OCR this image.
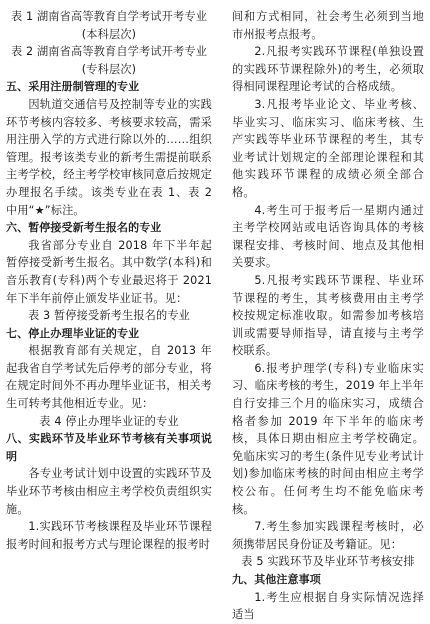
表 1 湖南省高等教育自学考试开考专业(本科层次)

表 2 湖南省高等教育自学考试开考专业(专科层次)

五、采用注册制管理的专业

因轨道交通信号及控制等专业的实践环节考核内容较多、考核要求较高，需采用注册入学的方式进行除以外的……组织管理。报考该类专业的新考生需提前联系主考学校，经主考学校审核同意后按规定办理报名手续。该类专业在表 1、表 2 中用“★”标注。

六、暂停接受新考生报名的专业

我省部分专业自 2018 年下半年起暂停接受新考生报名。其中数学(本科)和音乐教育(专科)两个专业最迟将于 2021 年下半年前停止颁发毕业证书。见：

表 3 暂停接受新考生报名的专业

七、停止办理毕业证的专业

根据教育部有关规定，自 2013 年起我省自学考试先后停考的部分专业，将在规定时间外不再办理毕业证书，相关考生可转考其他相近专业。见：

表 4 停止办理毕业证的专业

八、实践环节及毕业环节考核有关事项说明

各专业考试计划中设置的实践环节及毕业环节考核由相应主考学校负责组织实施。

1.实践环节考核课程及毕业环节课程报考时间和报考方式与理论课程的报考时

间和方式相同，社会考生必须到当地市州报考点报考。

2.凡报考实践环节课程(单独设置的实践环节课程除外)的考生，必须取得相同课程理论考试的合格成绩。

3.凡报考毕业论文、毕业考核、毕业实习、临床实习、临床考核、生产实践等毕业环节课程的考生，其专业考试计划规定的全部理论课程和其他实践环节课程的成绩必须全部合格。

4.考生可于报考后一星期内通过主考学校网站或电话咨询具体的考核课程安排、考核时间、地点及其他相关要求。

5.凡报考实践环节课程、毕业环节课程的考生，其考核费用由主考学校按规定标准收取。如需参加考核培训或需要导师指导，请直接与主考学校联系。

6.报考护理学(专科)专业临床实习、临床考核的考生，2019 年上半年自行安排三个月的临床实习，成绩合格者参加 2019 年下半年的临床考核，具体日期由相应主考学校确定。免临床实习的考生(条件见专业考试计划)参加临床考核的时间由相应主考学校公布。任何考生均不能免临床考核。

7.考生参加实践课程考核时，必须携带居民身份证及考籍证。见：

表 5 实践环节及毕业环节考核安排

九、其他注意事项

1.考生应根据自身实际情况选择适当
